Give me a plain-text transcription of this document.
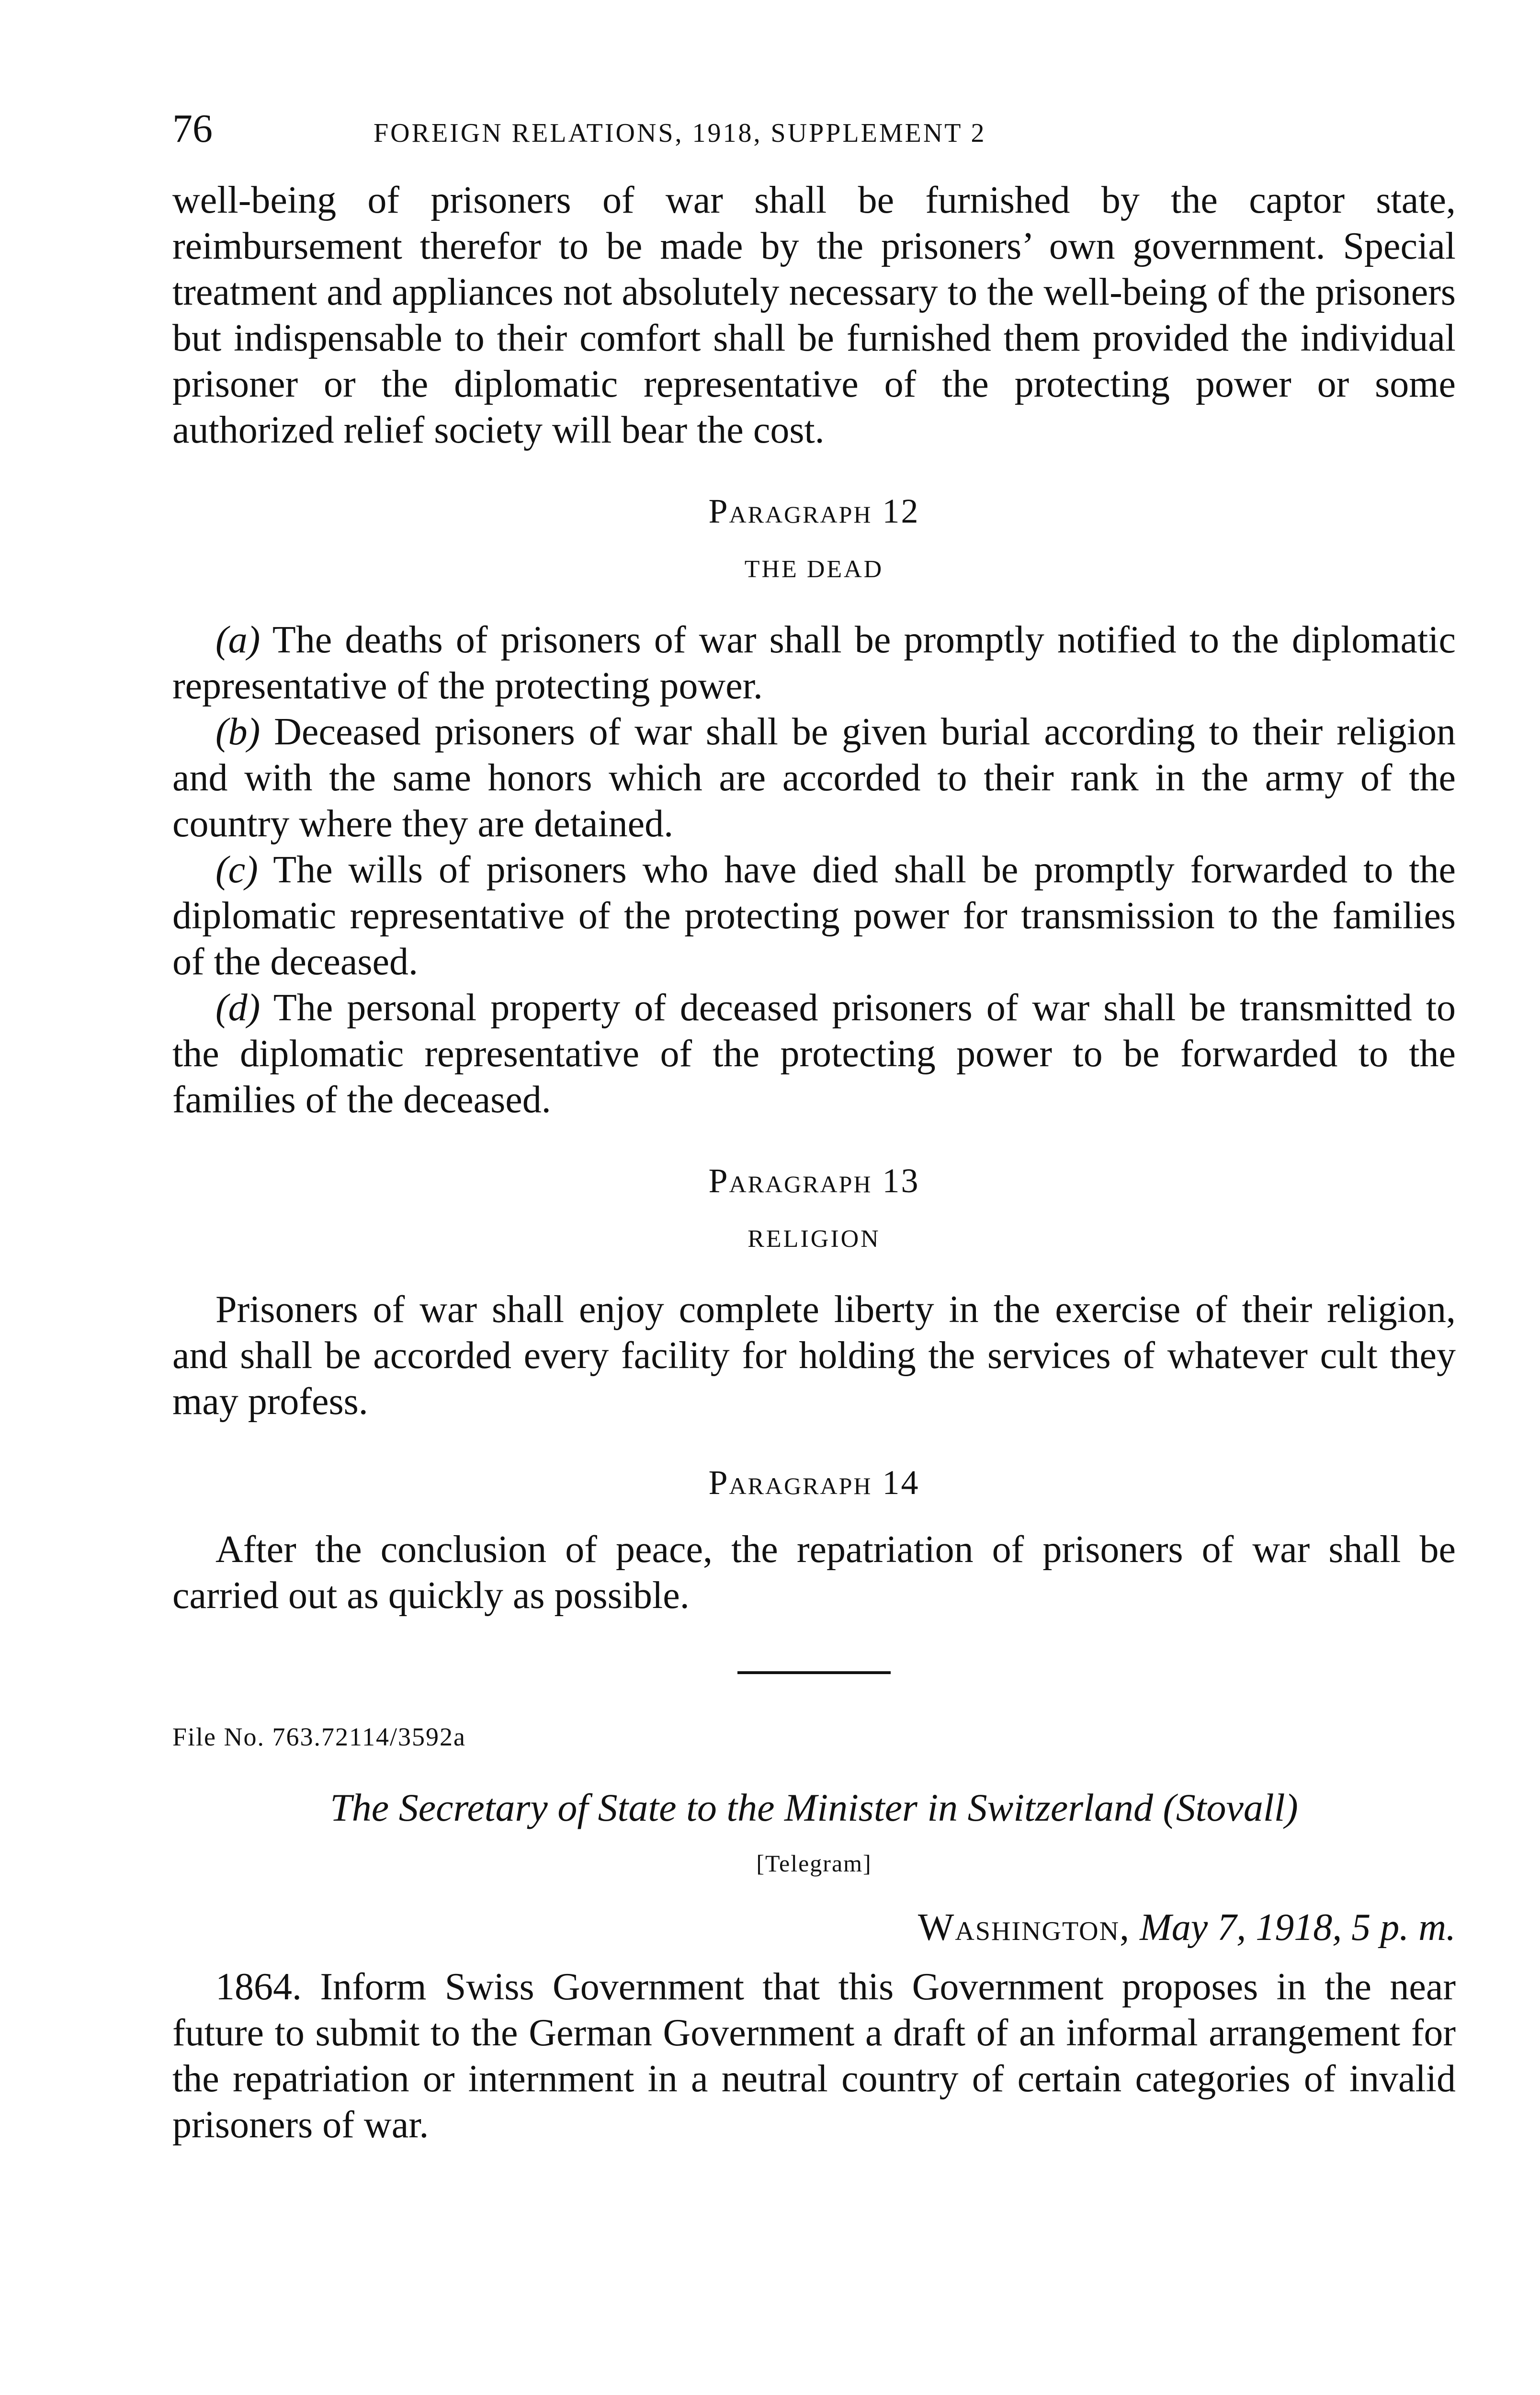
76	FOREIGN RELATIONS, 1918, SUPPLEMENT 2

well-being of prisoners of war shall be furnished by the captor state, reimbursement therefor to be made by the prisoners’ own government. Special treatment and appliances not absolutely necessary to the well-being of the prisoners but indispensable to their comfort shall be furnished them provided the individual prisoner or the diplomatic representative of the protecting power or some authorized relief society will bear the cost.

Paragraph 12
THE DEAD

(a) The deaths of prisoners of war shall be promptly notified to the diplomatic representative of the protecting power.

(b) Deceased prisoners of war shall be given burial according to their religion and with the same honors which are accorded to their rank in the army of the country where they are detained.

(c) The wills of prisoners who have died shall be promptly forwarded to the diplomatic representative of the protecting power for transmission to the families of the deceased.

(d) The personal property of deceased prisoners of war shall be transmitted to the diplomatic representative of the protecting power to be forwarded to the families of the deceased.

Paragraph 13
RELIGION

Prisoners of war shall enjoy complete liberty in the exercise of their religion, and shall be accorded every facility for holding the services of whatever cult they may profess.

Paragraph 14

After the conclusion of peace, the repatriation of prisoners of war shall be carried out as quickly as possible.

File No. 763.72114/3592a
The Secretary of State to the Minister in Switzerland (Stovall)
[Telegram]
Washington, May 7, 1918, 5 p. m.

1864. Inform Swiss Government that this Government proposes in the near future to submit to the German Government a draft of an informal arrangement for the repatriation or internment in a neutral country of certain categories of invalid prisoners of war.
